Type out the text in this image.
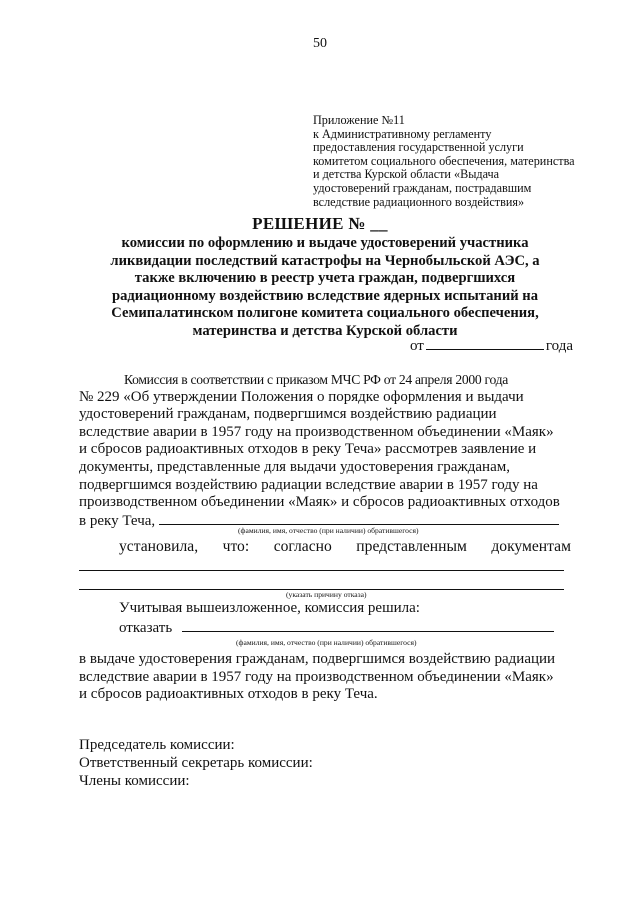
50
Приложение №11
к Административному регламенту
предоставления государственной услуги
комитетом социального обеспечения, материнства
и детства Курской области «Выдача
удостоверений гражданам, пострадавшим
вследствие радиационного воздействия»
РЕШЕНИЕ № __
комиссии по оформлению и выдаче удостоверений участника
ликвидации последствий катастрофы на Чернобыльской АЭС, а
также включению в реестр учета граждан, подвергшихся
радиационному воздействию вследствие ядерных испытаний на
Семипалатинском полигоне комитета социального обеспечения,
материнства и детства Курской области
от	года
Комиссия в соответствии с приказом МЧС РФ от 24 апреля 2000 года
№ 229 «Об утверждении Положения о порядке оформления и выдачи
удостоверений гражданам, подвергшимся воздействию радиации
вследствие аварии в 1957 году на производственном объединении «Маяк»
и сбросов радиоактивных отходов в реку Теча» рассмотрев заявление и
документы, представленные для выдачи удостоверения гражданам,
подвергшимся воздействию радиации вследствие аварии в 1957 году на
производственном объединении «Маяк» и сбросов радиоактивных отходов
в реку Теча,
(фамилия, имя, отчество (при наличии) обратившегося)
установила, что: согласно представленным документам
(указать причину отказа)
Учитывая вышеизложенное, комиссия решила:
отказать
(фамилия, имя, отчество (при наличии) обратившегося)
в выдаче удостоверения гражданам, подвергшимся воздействию радиации
вследствие аварии в 1957 году на производственном объединении «Маяк»
и сбросов радиоактивных отходов в реку Теча.
Председатель комиссии:
Ответственный секретарь комиссии:
Члены комиссии:
